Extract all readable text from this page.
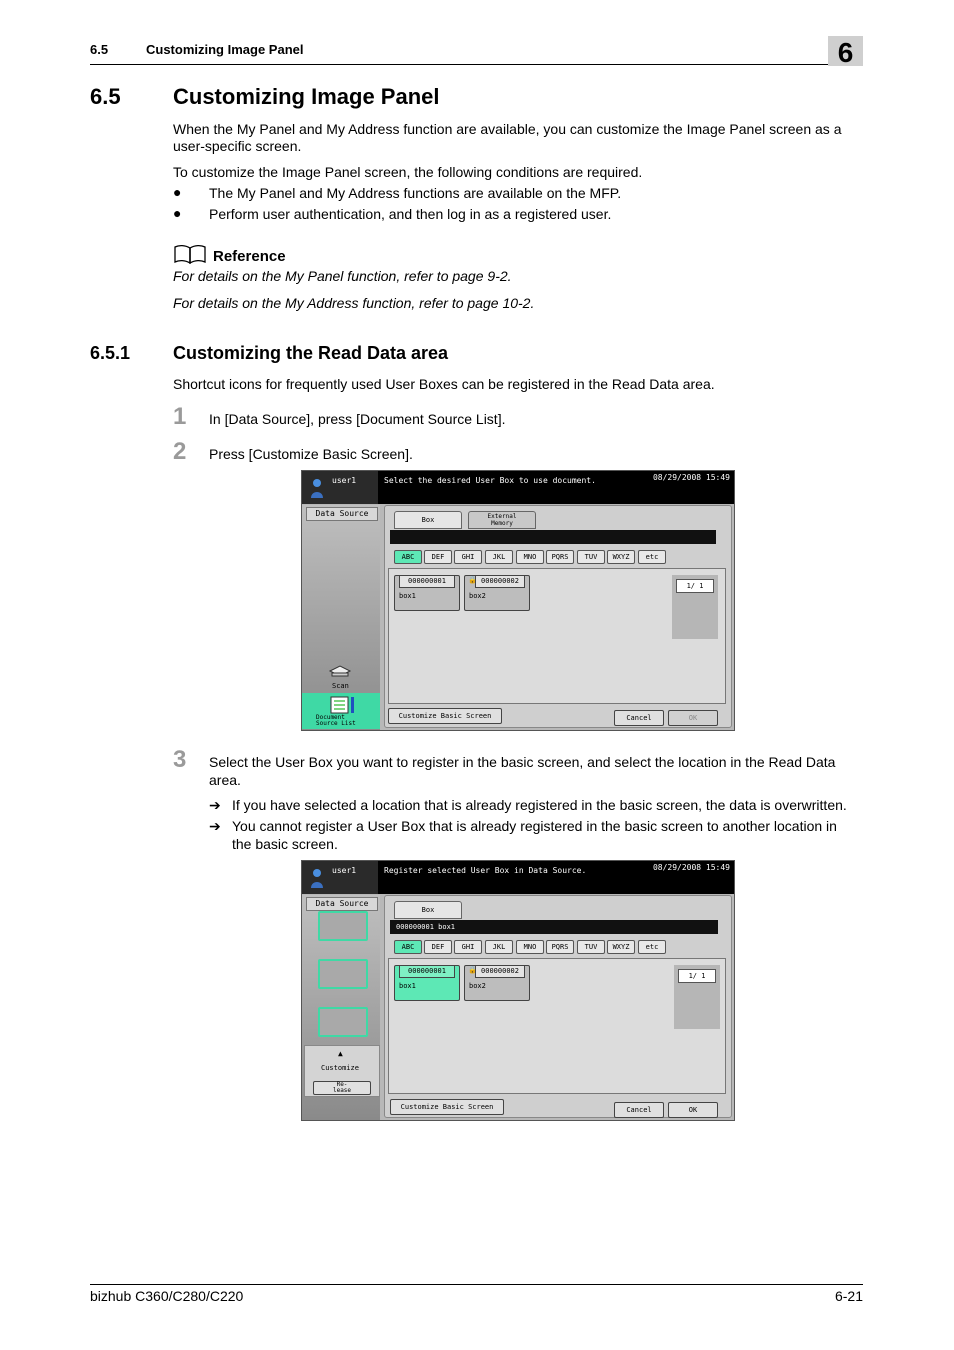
6.5	Customizing Image Panel	6
6.5 Customizing Image Panel
When the My Panel and My Address function are available, you can customize the Image Panel screen as a
user-specific screen.
To customize the Image Panel screen, the following conditions are required.
● The My Panel and My Address functions are available on the MFP.
● Perform user authentication, and then log in as a registered user.
Reference
For details on the My Panel function, refer to page 9-2.
For details on the My Address function, refer to page 10-2.
6.5.1 Customizing the Read Data area
Shortcut icons for frequently used User Boxes can be registered in the Read Data area.
1 In [Data Source], press [Document Source List].
2 Press [Customize Basic Screen].
user1	Select the desired User Box to use document.	08/29/2008 15:49
Data Source
Scan
Document
Source List
Box	External
Memory
ABC	DEF	GHI	JKL	MNO	PQRS	TUV	WXYZ	etc
000000001
box1
000000002
🔒
box2
1/ 1
Customize Basic Screen	Cancel	OK
3 Select the User Box you want to register in the basic screen, and select the location in the Read Data
area.
➔ If you have selected a location that is already registered in the basic screen, the data is overwritten.
➔ You cannot register a User Box that is already registered in the basic screen to another location in
the basic screen.
user1	Register selected User Box in Data Source.	08/29/2008 15:49
Data Source
▲
Customize
Re-
lease
Box
000000001 box1
ABC	DEF	GHI	JKL	MNO	PQRS	TUV	WXYZ	etc
000000001
box1
000000002
🔒
box2
1/ 1
Customize Basic Screen	Cancel	OK
bizhub C360/C280/C220	6-21
